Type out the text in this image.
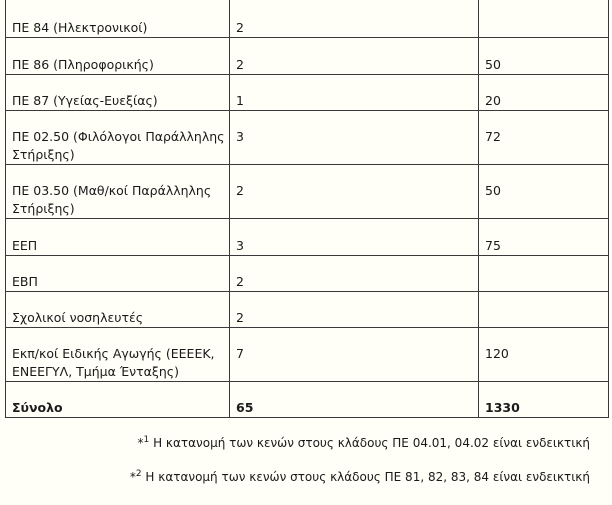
ΠΕ 84 (Ηλεκτρονικοί)	2	
ΠΕ 86 (Πληροφορικής)	2	50
ΠΕ 87 (Υγείας-Ευεξίας)	1	20
ΠΕ 02.50 (Φιλόλογοι Παράλληλης Στήριξης)	3	72
ΠΕ 03.50 (Μαθ/κοί Παράλληλης Στήριξης)	2	50
ΕΕΠ	3	75
ΕΒΠ	2	
Σχολικοί νοσηλευτές	2	
Εκπ/κοί Ειδικής Αγωγής (ΕΕΕΕΚ, ΕΝΕΕΓΥΛ, Τμήμα Ένταξης)	7	120
Σύνολο	65	1330

*$^1$ Η κατανομή των κενών στους κλάδους ΠΕ 04.01, 04.02 είναι ενδεικτική

*$^2$ Η κατανομή των κενών στους κλάδους ΠΕ 81, 82, 83, 84 είναι ενδεικτική
